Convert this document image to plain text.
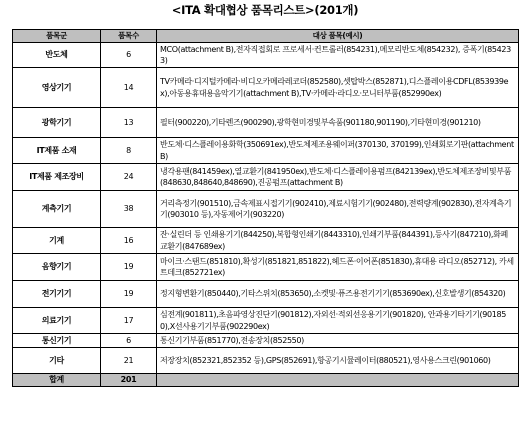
<ITA 확대협상 품목리스트>(201개)
품목군	품목수	대상 품목(예시)
반도체	6	MCO(attachment B),전자직접회로 프로세서·컨트롤러(854231),메모리반도체(854232), 증폭기(854233)
영상기기	14	TV카메라·디지털카메라·비디오카메라레코더(852580),셋탑박스(852871),디스플레이용CDFL(853939ex),아동용휴대용음악기기(attachment B),TV·카메라·라디오·모니터부품(852990ex)
광학기기	13	필터(900220),기타렌즈(900290),광학현미경및부속품(901180,901190),기타현미경(901210)
IT제품 소재	8	반도체·디스플레이용화학(350691ex),반도체제조용웨이퍼(370130, 370199),인쇄회로기판(attachment B)
IT제품 제조장비	24	냉각용팬(841459ex),열교환기(841950ex),반도체·디스플레이용펌프(842139ex),반도체제조장비및부품(848630,848640,848690),진공펌프(attachment B)
계측기기	38	거리측정기(901510),금속제표시접기기(902410),제료시험기기(902480),전력량계(902830),전자계측기기(903010 등),자동제어기(903220)
기계	16	잔·실린더 등 인쇄용기기(844250),복합형인쇄기(8443310),인쇄기부품(844391),등사기(847210),화폐교환기(847689ex)
음향기기	19	마이크·스탠드(851810),확성기(851821,851822),헤드폰·이어폰(851830),휴대용 라디오(852712), 카세트데크(852721ex)
전기기기	19	정지형변환기(850440),기타스위치(853650),소켓및·퓨즈용전기기기(853690ex),신호발생기(854320)
의료기기	17	심전계(901811),초음파영상진단기(901812),자외선·적외선응용기기(901820), 안과용기타기기(901850),X선사용기기부품(902290ex)
통신기기	6	통신기기부품(851770),전송장치(852550)
기타	21	저장장치(852321,852352 등),GPS(852691),항공기시뮬레이터(880521),영사용스크린(901060)
합계	201	
